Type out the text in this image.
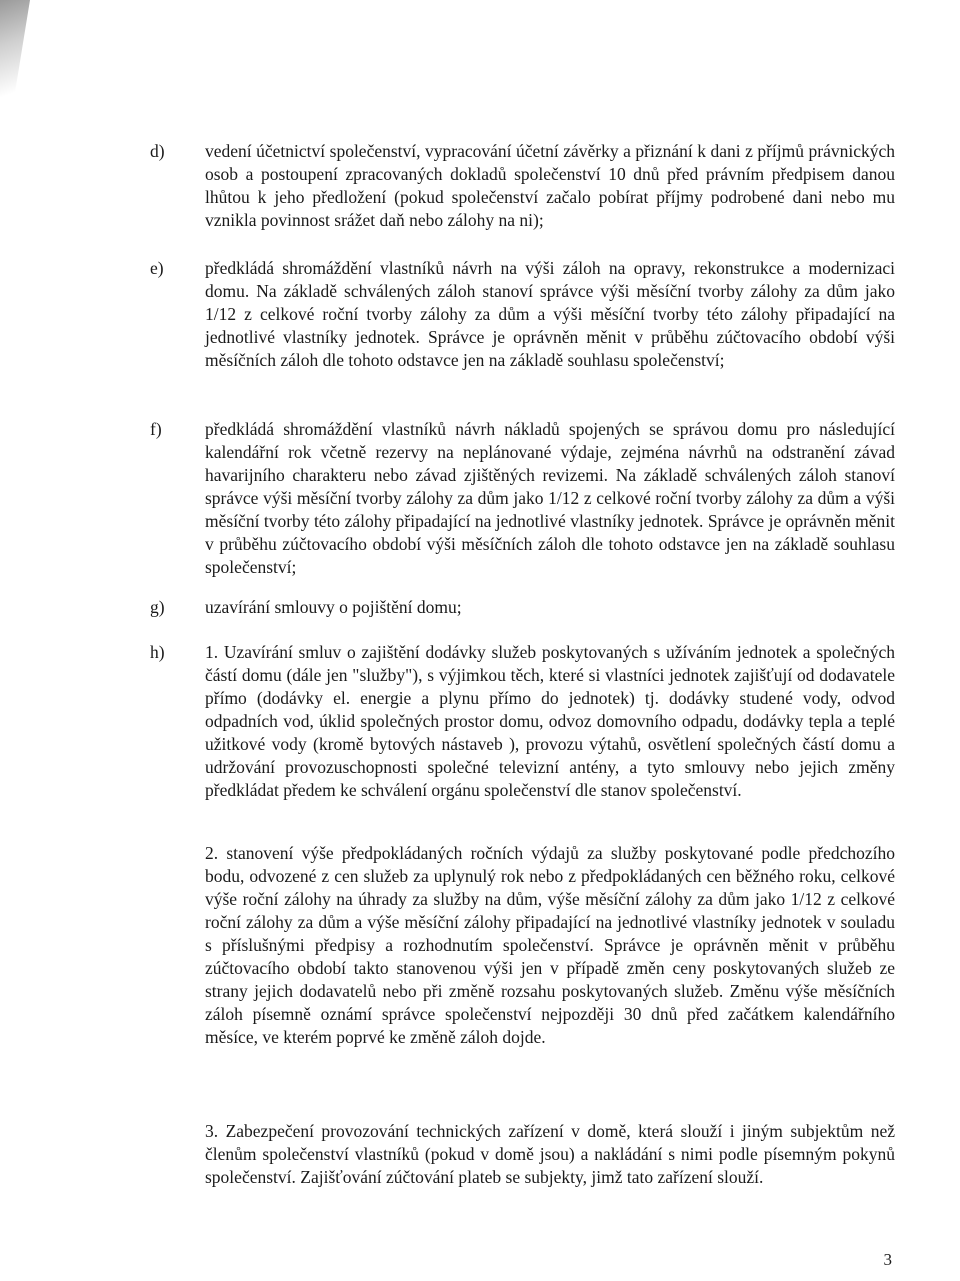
d)	vedení účetnictví společenství, vypracování účetní závěrky a přiznání k dani z příjmů právnických osob a postoupení zpracovaných dokladů společenství 10 dnů před právním předpisem danou lhůtou k jeho předložení (pokud společenství začalo pobírat příjmy podrobené dani nebo mu vznikla povinnost srážet daň nebo zálohy na ni);
e)	předkládá shromáždění vlastníků návrh na výši záloh na opravy, rekonstrukce a modernizaci domu. Na základě schválených záloh stanoví správce výši měsíční tvorby zálohy za dům jako 1/12 z celkové roční tvorby zálohy za dům a výši měsíční tvorby této zálohy připadající na jednotlivé vlastníky jednotek. Správce je oprávněn měnit v průběhu zúčtovacího období výši měsíčních záloh dle tohoto odstavce jen na základě souhlasu společenství;
f)	předkládá shromáždění vlastníků návrh nákladů spojených se správou domu pro následující kalendářní rok včetně rezervy na neplánované výdaje, zejména návrhů na odstranění závad havarijního charakteru nebo závad zjištěných revizemi. Na základě schválených záloh stanoví správce výši měsíční tvorby zálohy za dům jako 1/12 z celkové roční tvorby zálohy za dům a výši měsíční tvorby této zálohy připadající na jednotlivé vlastníky jednotek. Správce je oprávněn měnit v průběhu zúčtovacího období výši měsíčních záloh dle tohoto odstavce jen na základě souhlasu společenství;
g)	uzavírání smlouvy o pojištění domu;
h)	1. Uzavírání smluv o zajištění dodávky služeb poskytovaných s užíváním jednotek a společných částí domu (dále jen "služby"), s výjimkou těch, které si vlastníci jednotek zajišťují od dodavatele přímo (dodávky el. energie a plynu přímo do jednotek) tj. dodávky studené vody, odvod odpadních vod, úklid společných prostor domu, odvoz domovního odpadu, dodávky tepla a teplé užitkové vody (kromě bytových nástaveb ), provozu výtahů, osvětlení společných částí domu a udržování provozuschopnosti společné televizní antény, a tyto smlouvy nebo jejich změny předkládat předem ke schválení orgánu společenství dle stanov společenství.
2. stanovení výše předpokládaných ročních výdajů za služby poskytované podle předchozího bodu, odvozené z cen služeb za uplynulý rok nebo z předpokládaných cen běžného roku, celkové výše roční zálohy na úhrady za služby na dům, výše měsíční zálohy za dům jako 1/12 z celkové roční zálohy za dům a výše měsíční zálohy připadající na jednotlivé vlastníky jednotek v souladu s příslušnými předpisy a rozhodnutím společenství. Správce je oprávněn měnit v průběhu zúčtovacího období takto stanovenou výši jen v případě změn ceny poskytovaných služeb ze strany jejich dodavatelů nebo při změně rozsahu poskytovaných služeb. Změnu výše měsíčních záloh písemně oznámí správce společenství nejpozději 30 dnů před začátkem kalendářního měsíce, ve kterém poprvé ke změně záloh dojde.
3. Zabezpečení provozování technických zařízení v domě, která slouží i jiným subjektům než členům společenství vlastníků (pokud v domě jsou) a nakládání s nimi podle písemným pokynů společenství. Zajišťování zúčtování plateb se subjekty, jimž tato zařízení slouží.
3
